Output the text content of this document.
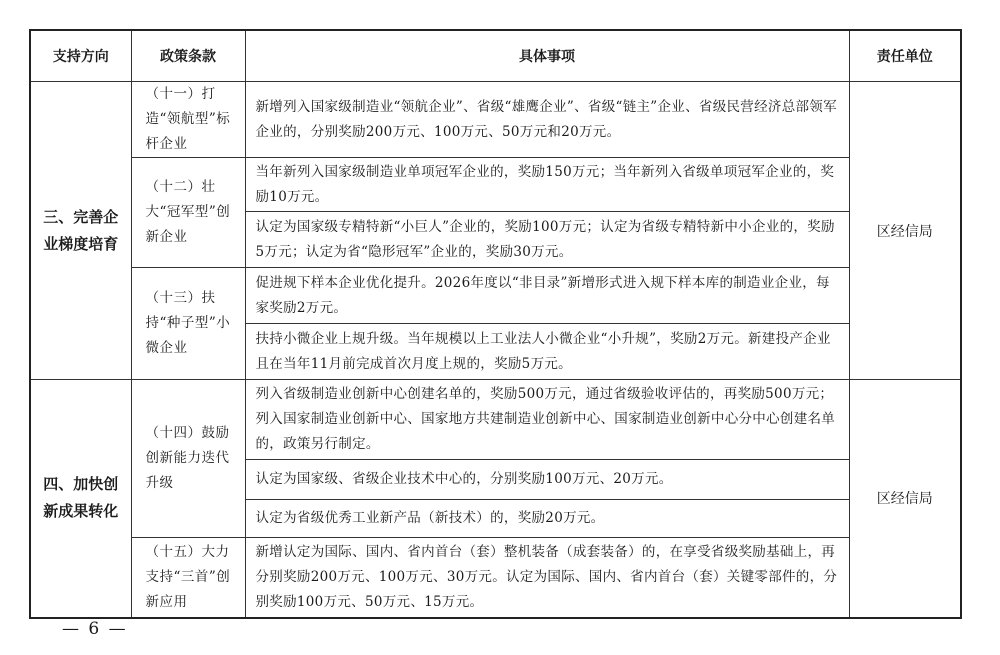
支持方向	政策条款	具体事项	责任单位
三、完善企业梯度培育	（十一）打造“领航型”标杆企业	新增列入国家级制造业“领航企业”、省级“雄鹰企业”、省级“链主”企业、省级民营经济总部领军企业的，分别奖励200万元、100万元、50万元和20万元。	区经信局
	（十二）壮大“冠军型”创新企业	当年新列入国家级制造业单项冠军企业的，奖励150万元；当年新列入省级单项冠军企业的，奖励10万元。	
		认定为国家级专精特新“小巨人”企业的，奖励100万元；认定为省级专精特新中小企业的，奖励5万元；认定为省“隐形冠军”企业的，奖励30万元。	
	（十三）扶持“种子型”小微企业	促进规下样本企业优化提升。2026年度以“非目录”新增形式进入规下样本库的制造业企业，每家奖励2万元。	
		扶持小微企业上规升级。当年规模以上工业法人小微企业“小升规”，奖励2万元。新建投产企业且在当年11月前完成首次月度上规的，奖励5万元。	
四、加快创新成果转化	（十四）鼓励创新能力迭代升级	列入省级制造业创新中心创建名单的，奖励500万元，通过省级验收评估的，再奖励500万元；列入国家制造业创新中心、国家地方共建制造业创新中心、国家制造业创新中心分中心创建名单的，政策另行制定。	区经信局
		认定为国家级、省级企业技术中心的，分别奖励100万元、20万元。	
		认定为省级优秀工业新产品（新技术）的，奖励20万元。	
	（十五）大力支持“三首”创新应用	新增认定为国际、国内、省内首台（套）整机装备（成套装备）的，在享受省级奖励基础上，再分别奖励200万元、100万元、30万元。认定为国际、国内、省内首台（套）关键零部件的，分别奖励100万元、50万元、15万元。	
— 6 —
